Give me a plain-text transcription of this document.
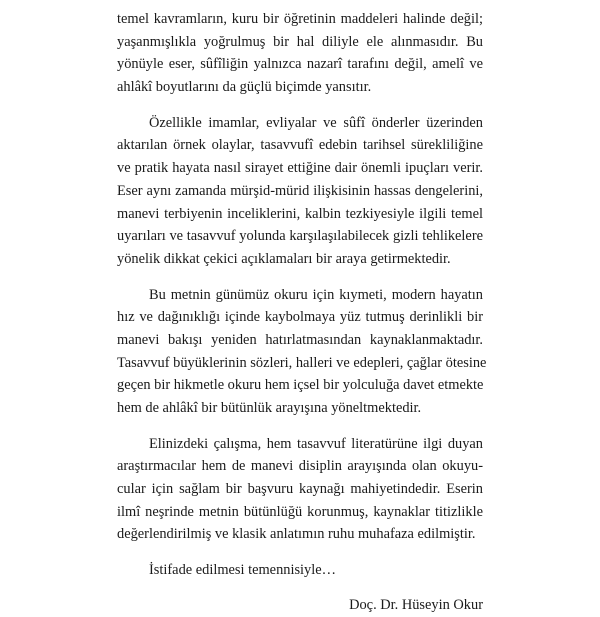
temel kavramların, kuru bir öğretinin maddeleri halinde değil;
yaşanmışlıkla yoğrulmuş bir hal diliyle ele alınmasıdır. Bu
yönüyle eser, sûfîliğin yalnızca nazarî tarafını değil, amelî ve
ahlâkî boyutlarını da güçlü biçimde yansıtır.
Özellikle imamlar, evliyalar ve sûfî önderler üzerinden
aktarılan örnek olaylar, tasavvufî edebin tarihsel sürekliliğine
ve pratik hayata nasıl sirayet ettiğine dair önemli ipuçları verir.
Eser aynı zamanda mürşid-mürid ilişkisinin hassas dengelerini,
manevi terbiyenin inceliklerini, kalbin tezkiyesiyle ilgili temel
uyarıları ve tasavvuf yolunda karşılaşılabilecek gizli tehlikelere
yönelik dikkat çekici açıklamaları bir araya getirmektedir.
Bu metnin günümüz okuru için kıymeti, modern hayatın
hız ve dağınıklığı içinde kaybolmaya yüz tutmuş derinlikli bir
manevi bakışı yeniden hatırlatmasından kaynaklanmaktadır.
Tasavvuf büyüklerinin sözleri, halleri ve edepleri, çağlar ötesine
geçen bir hikmetle okuru hem içsel bir yolculuğa davet etmekte
hem de ahlâkî bir bütünlük arayışına yöneltmektedir.
Elinizdeki çalışma, hem tasavvuf literatürüne ilgi duyan
araştırmacılar hem de manevi disiplin arayışında olan okuyu-
cular için sağlam bir başvuru kaynağı mahiyetindedir. Eserin
ilmî neşrinde metnin bütünlüğü korunmuş, kaynaklar titizlikle
değerlendirilmiş ve klasik anlatımın ruhu muhafaza edilmiştir.
İstifade edilmesi temennisiyle…
Doç. Dr. Hüseyin Okur
